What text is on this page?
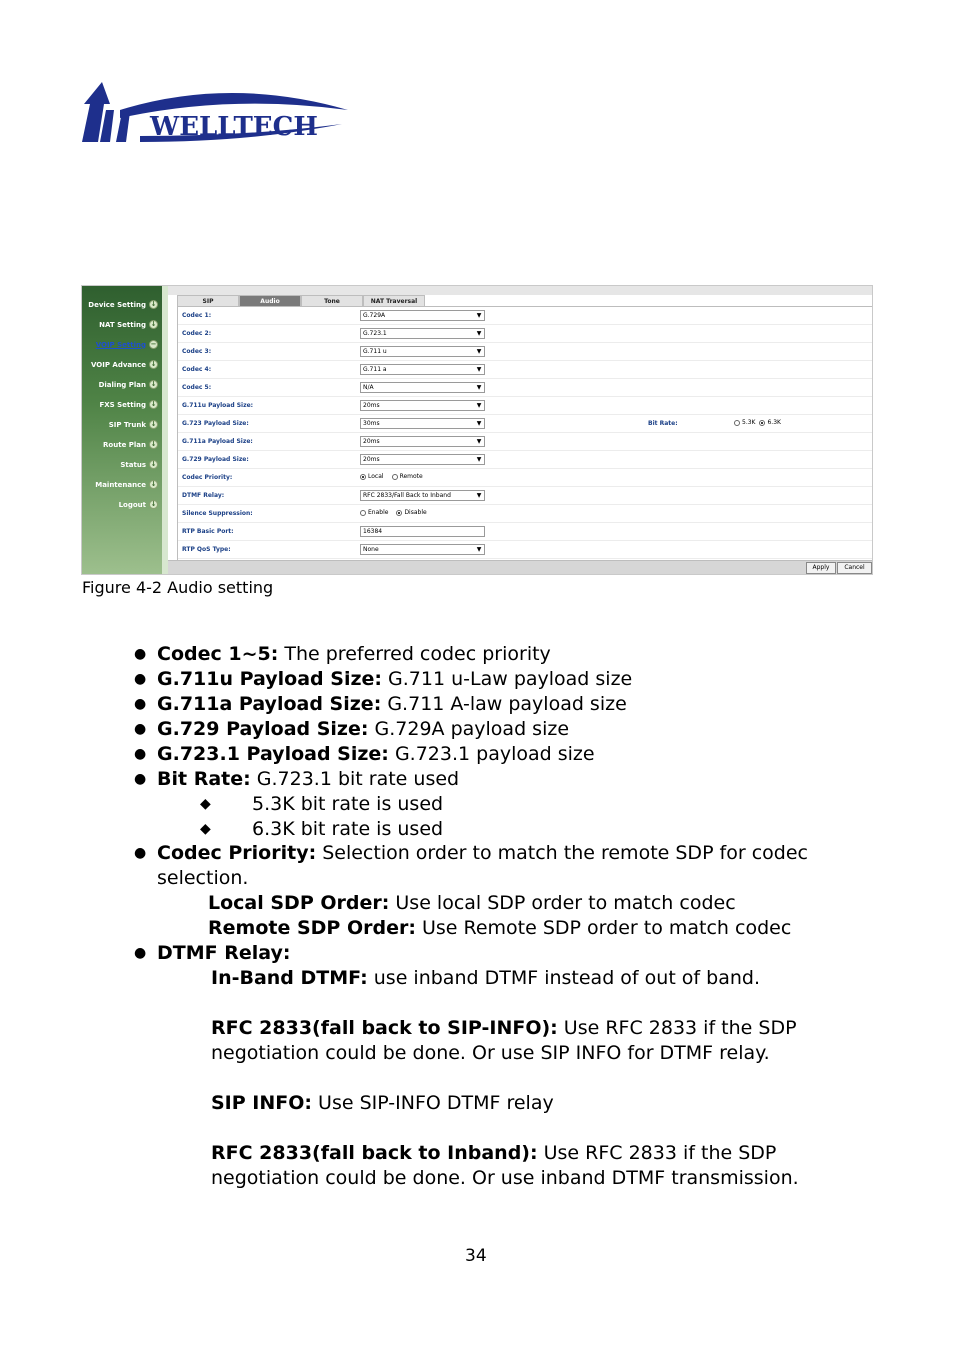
WELLTECH
Device Setting ↓
NAT Setting ↓
VOIP Setting −
VOIP Advance ↓
Dialing Plan ↓
FXS Setting ↓
SIP Trunk ↓
Route Plan ↓
Status ↓
Maintenance ↓
Logout ↓
SIP	Audio	Tone	NAT Traversal
RTP QoS Type:	None	▼
RTP Basic Port:	16384
Silence Suppression:	Enable	Disable
DTMF Relay:	RFC 2833/Fall Back to Inband	▼
Codec Priority:	Local	Remote
G.729 Payload Size:	20ms	▼
G.711a Payload Size:	20ms	▼
G.723 Payload Size:	30ms	▼
G.711u Payload Size:	20ms	▼
Codec 5:	N/A	▼
Codec 4:	G.711 a	▼
Codec 3:	G.711 u	▼
Codec 2:	G.723.1	▼
Codec 1:	G.729A	▼
Bit Rate:	5.3K 6.3K
Apply	Cancel
Figure 4-2 Audio setting
● Codec 1~5: The preferred codec priority
● G.711u Payload Size: G.711 u-Law payload size
● G.711a Payload Size: G.711 A-law payload size
● G.729 Payload Size: G.729A payload size
● G.723.1 Payload Size: G.723.1 payload size
● Bit Rate: G.723.1 bit rate used
◆ 5.3K bit rate is used
◆ 6.3K bit rate is used
● Codec Priority: Selection order to match the remote SDP for codec
selection.
Local SDP Order: Use local SDP order to match codec
Remote SDP Order: Use Remote SDP order to match codec
● DTMF Relay:
In-Band DTMF: use inband DTMF instead of out of band.
RFC 2833(fall back to SIP-INFO): Use RFC 2833 if the SDP
negotiation could be done. Or use SIP INFO for DTMF relay.
SIP INFO: Use SIP-INFO DTMF relay
RFC 2833(fall back to Inband): Use RFC 2833 if the SDP
negotiation could be done. Or use inband DTMF transmission.
34
